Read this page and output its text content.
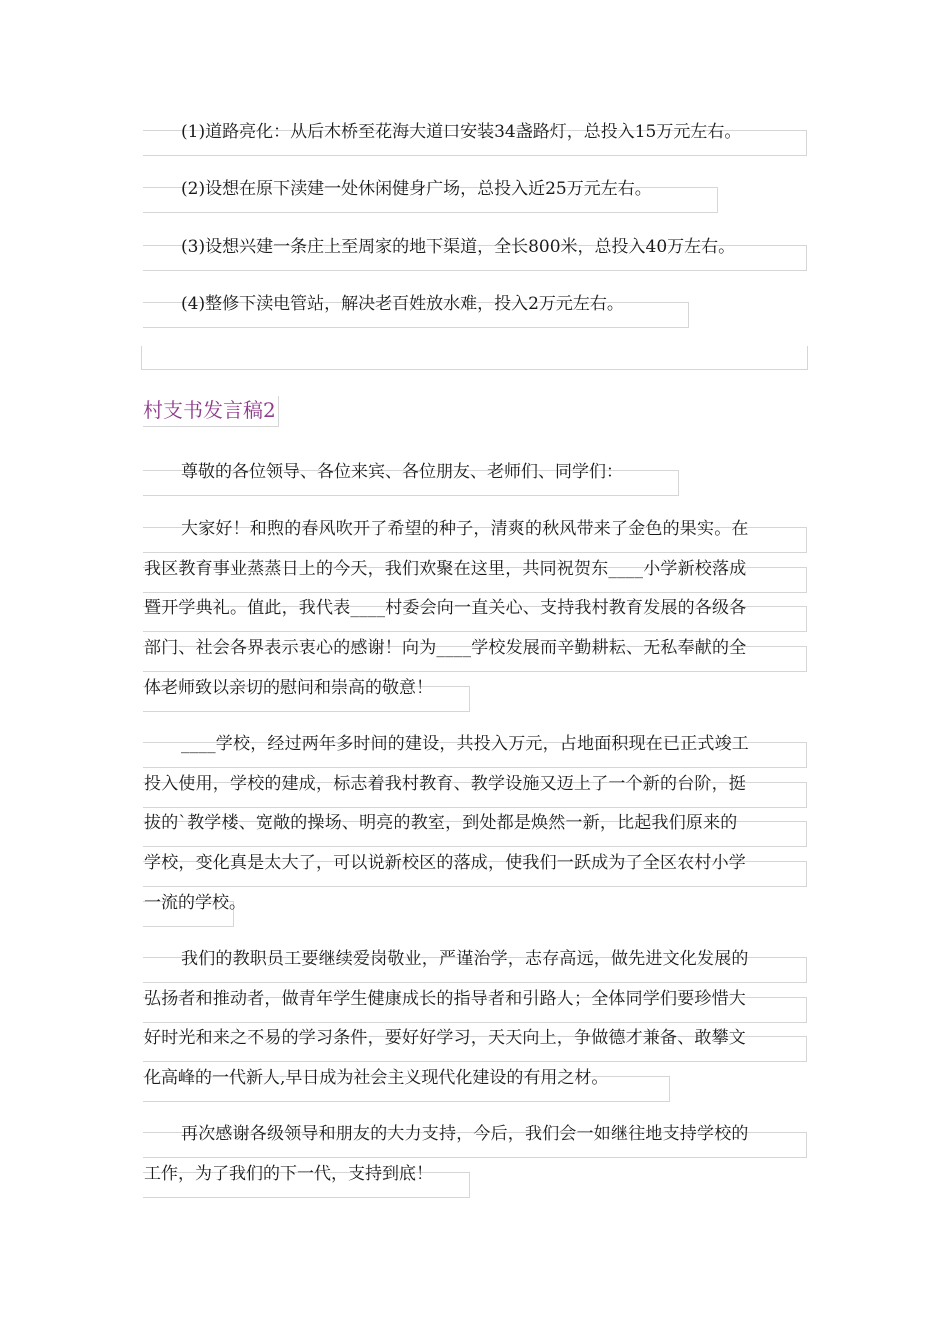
(1)道路亮化：从后木桥至花海大道口安装34盏路灯，总投入15万元左右。
(2)设想在原下渎建一处休闲健身广场，总投入近25万元左右。
(3)设想兴建一条庄上至周家的地下渠道，全长800米，总投入40万左右。
(4)整修下渎电管站，解决老百姓放水难，投入2万元左右。
村支书发言稿2
尊敬的各位领导、各位来宾、各位朋友、老师们、同学们：
大家好！和煦的春风吹开了希望的种子，清爽的秋风带来了金色的果实。在
我区教育事业蒸蒸日上的今天，我们欢聚在这里，共同祝贺东____小学新校落成
暨开学典礼。值此，我代表____村委会向一直关心、支持我村教育发展的各级各
部门、社会各界表示衷心的感谢！向为____学校发展而辛勤耕耘、无私奉献的全
体老师致以亲切的慰问和崇高的敬意！
____学校，经过两年多时间的建设，共投入万元，占地面积现在已正式竣工
投入使用，学校的建成，标志着我村教育、教学设施又迈上了一个新的台阶，挺
拔的`教学楼、宽敞的操场、明亮的教室，到处都是焕然一新，比起我们原来的
学校，变化真是太大了，可以说新校区的落成，使我们一跃成为了全区农村小学
一流的学校。
我们的教职员工要继续爱岗敬业，严谨治学，志存高远，做先进文化发展的
弘扬者和推动者，做青年学生健康成长的指导者和引路人；全体同学们要珍惜大
好时光和来之不易的学习条件，要好好学习，天天向上，争做德才兼备、敢攀文
化高峰的一代新人,早日成为社会主义现代化建设的有用之材。
再次感谢各级领导和朋友的大力支持，今后，我们会一如继往地支持学校的
工作，为了我们的下一代，支持到底！
